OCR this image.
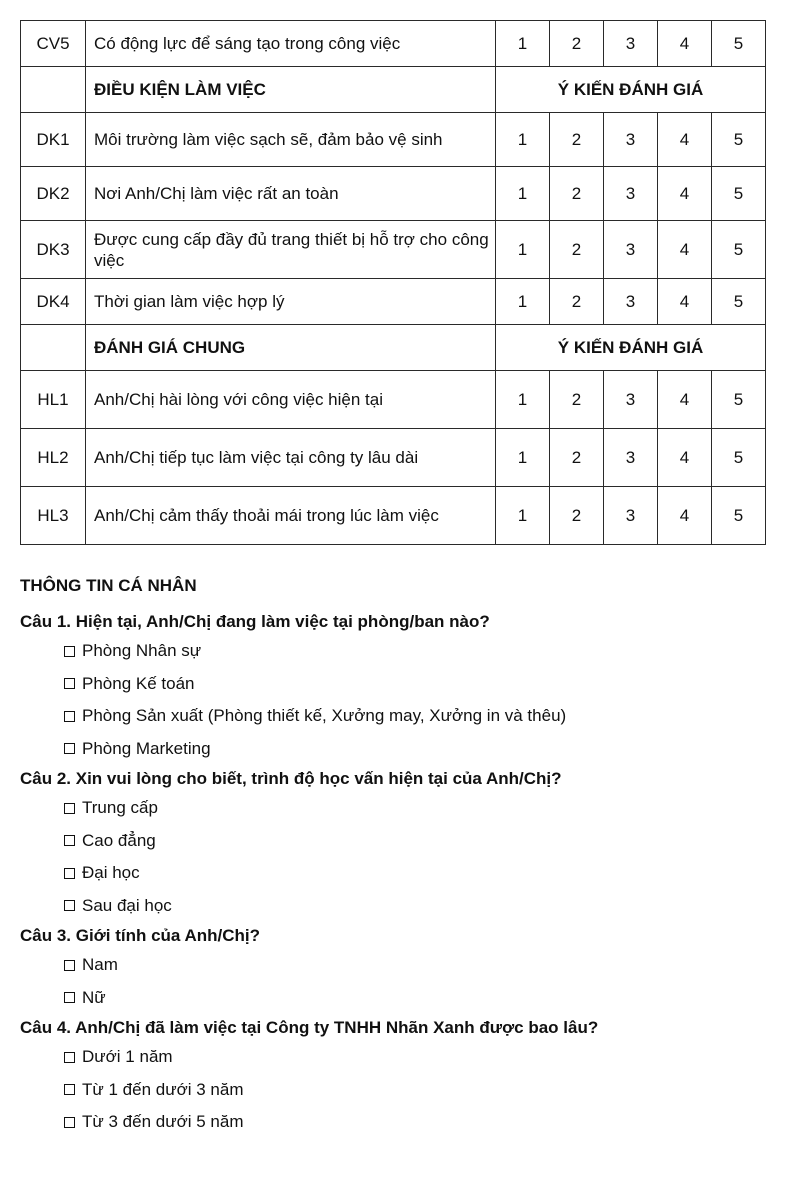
CV5	Có động lực để sáng tạo trong công việc	1	2	3	4	5
	ĐIỀU KIỆN LÀM VIỆC	Ý KIẾN ĐÁNH GIÁ				
DK1	Môi trường làm việc sạch sẽ, đảm bảo vệ sinh	1	2	3	4	5
DK2	Nơi Anh/Chị làm việc rất an toàn	1	2	3	4	5
DK3	Được cung cấp đầy đủ trang thiết bị hỗ trợ cho công việc	1	2	3	4	5
DK4	Thời gian làm việc hợp lý	1	2	3	4	5
	ĐÁNH GIÁ CHUNG	Ý KIẾN ĐÁNH GIÁ				
HL1	Anh/Chị hài lòng với công việc hiện tại	1	2	3	4	5
HL2	Anh/Chị tiếp tục làm việc tại công ty lâu dài	1	2	3	4	5
HL3	Anh/Chị cảm thấy thoải mái trong lúc làm việc	1	2	3	4	5
THÔNG TIN CÁ NHÂN

Câu 1. Hiện tại, Anh/Chị đang làm việc tại phòng/ban nào?

Phòng Nhân sự
Phòng Kế toán
Phòng Sản xuất (Phòng thiết kế, Xưởng may, Xưởng in và thêu)
Phòng Marketing

Câu 2. Xin vui lòng cho biết, trình độ học vấn hiện tại của Anh/Chị?

Trung cấp
Cao đẳng
Đại học
Sau đại học

Câu 3. Giới tính của Anh/Chị?

Nam
Nữ

Câu 4. Anh/Chị đã làm việc tại Công ty TNHH Nhãn Xanh được bao lâu?

Dưới 1 năm
Từ 1 đến dưới 3 năm
Từ 3 đến dưới 5 năm
